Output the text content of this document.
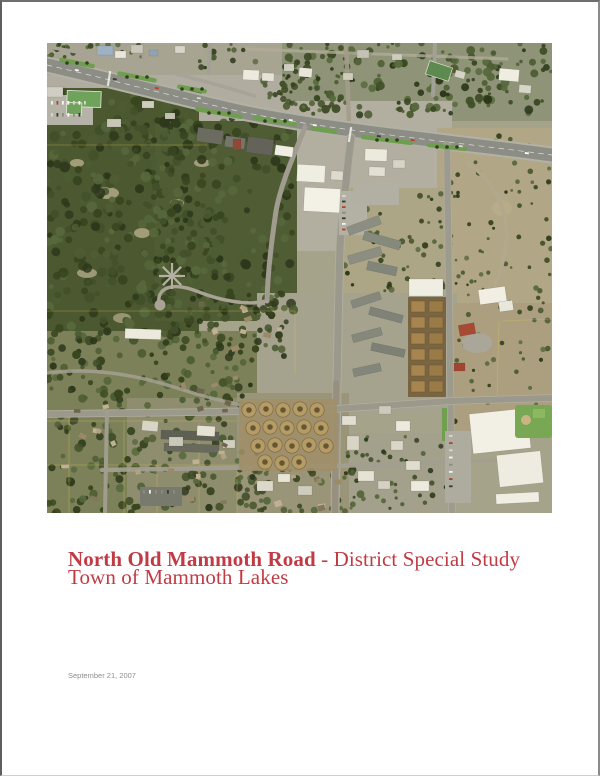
North Old Mammoth Road - District Special Study
Town of Mammoth Lakes
September 21, 2007
